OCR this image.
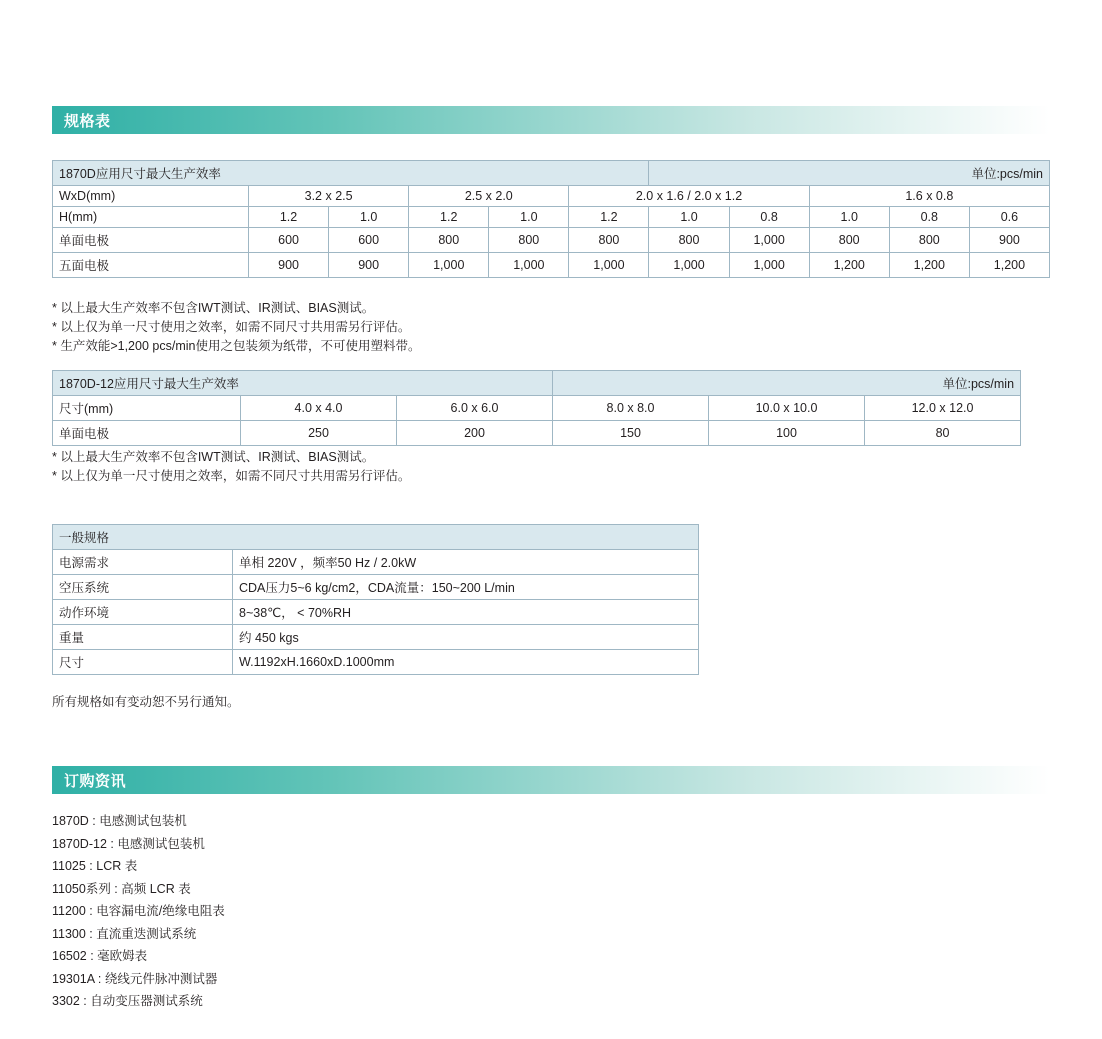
规格表
1870D应用尺寸最大生产效率						单位:pcs/min				
WxD(mm)	3.2 x 2.5		2.5 x 2.0		2.0 x 1.6 / 2.0 x 1.2			1.6 x 0.8		
H(mm)	1.2	1.0	1.2	1.0	1.2	1.0	0.8	1.0	0.8	0.6
单面电极	600	600	800	800	800	800	1,000	800	800	900
五面电极	900	900	1,000	1,000	1,000	1,000	1,000	1,200	1,200	1,200
* 以上最大生产效率不包含IWT测试、IR测试、BIAS测试。
* 以上仅为单一尺寸使用之效率，如需不同尺寸共用需另行评估。
* 生产效能>1,200 pcs/min使用之包装须为纸带，不可使用塑料带。
1870D-12应用尺寸最大生产效率			单位:pcs/min		
尺寸(mm)	4.0 x 4.0	6.0 x 6.0	8.0 x 8.0	10.0 x 10.0	12.0 x 12.0
单面电极	250	200	150	100	80
* 以上最大生产效率不包含IWT测试、IR测试、BIAS测试。
* 以上仅为单一尺寸使用之效率，如需不同尺寸共用需另行评估。
一般规格	
电源需求	单相 220V ，频率50 Hz / 2.0kW
空压系统	CDA压力5~6 kg/cm2，CDA流量：150~200 L/min
动作环境	8~38℃， < 70%RH
重量	约 450 kgs
尺寸	W.1192xH.1660xD.1000mm
所有规格如有变动恕不另行通知。
订购资讯
1870D : 电感测试包装机
1870D-12 : 电感测试包装机
11025 : LCR 表
11050系列 : 高频 LCR 表
11200 : 电容漏电流/绝缘电阻表
11300 : 直流重迭测试系统
16502 : 毫欧姆表
19301A : 绕线元件脉冲测试器
3302 : 自动变压器测试系统
